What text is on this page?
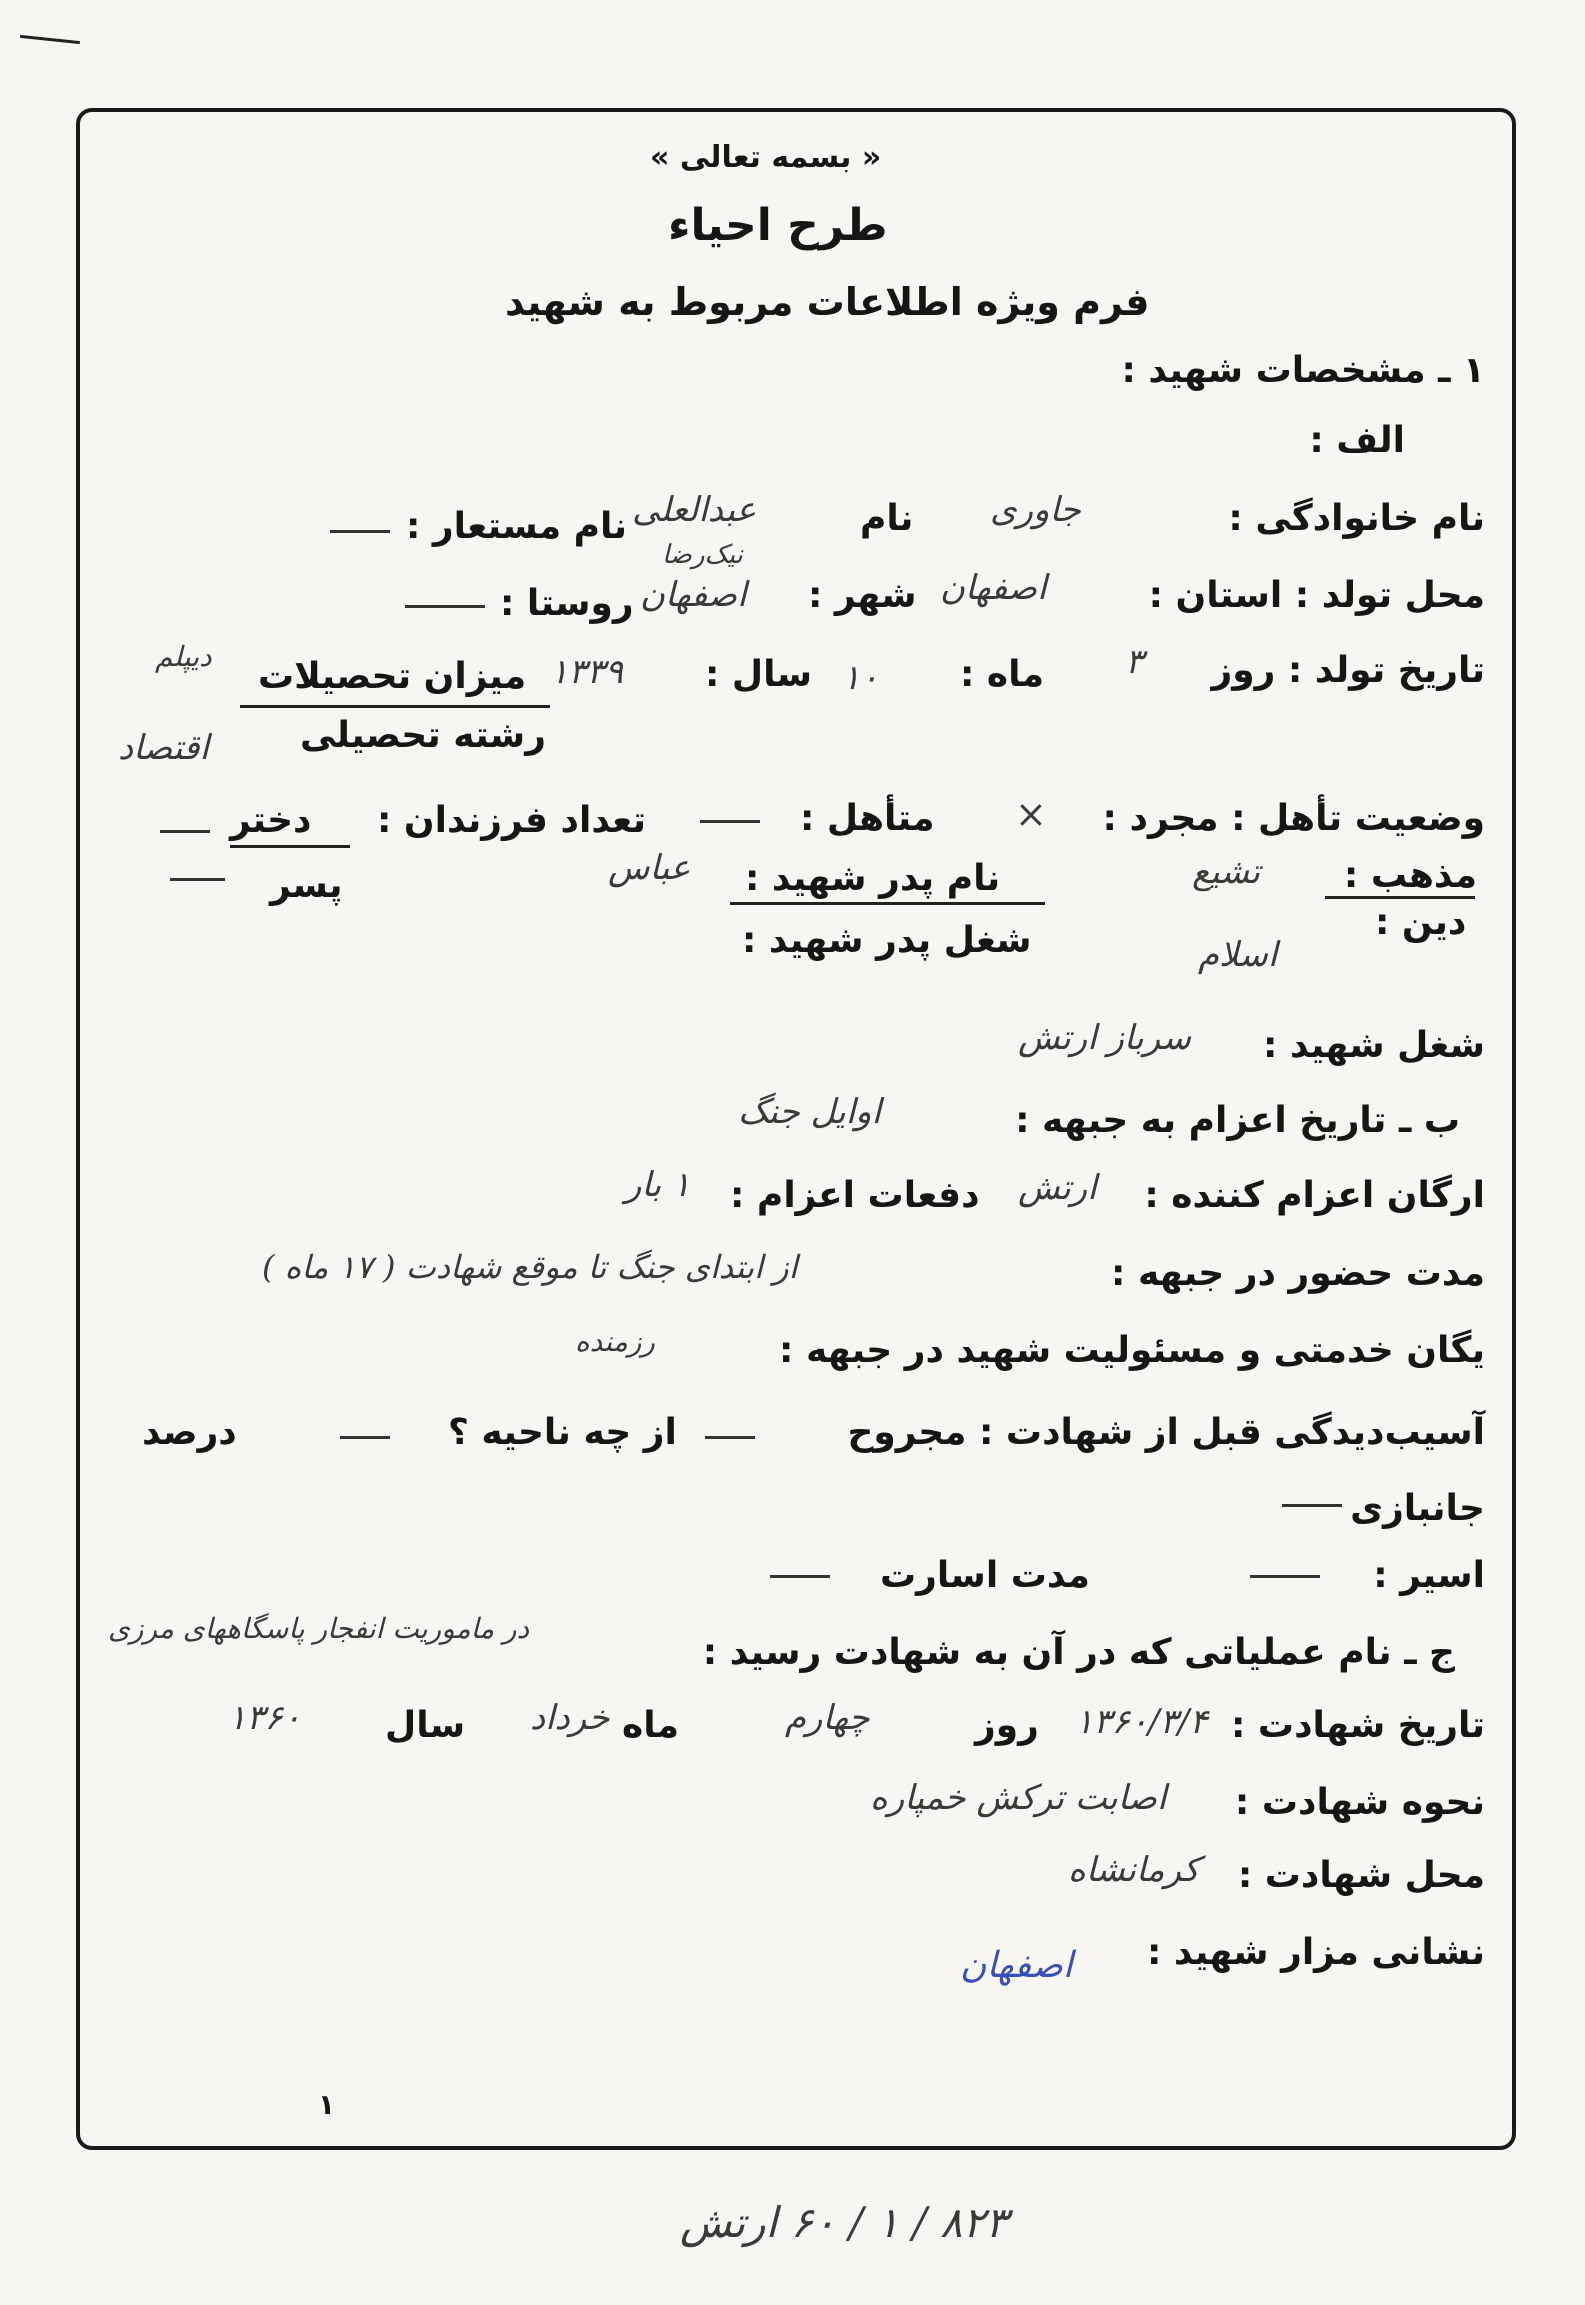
« بسمه تعالی »
طرح احیاء
فرم ویژه اطلاعات مربوط به شهید
۱ ـ مشخصات شهید :
الف :
نام خانوادگی :
جاوری
نام
عبدالعلی
نام مستعار :
محل تولد : استان :
اصفهان
شهر :
اصفهان
نیک‌رضا
روستا :
تاریخ تولد : روز
۳
ماه :
۱۰
سال :
۱۳۳۹
میزان تحصیلات
دیپلم
رشته تحصیلی
اقتصاد
وضعیت تأهل : مجرد :
×
متأهل :
تعداد فرزندان :
دختر
مذهب :
تشیع
دین :
اسلام
نام پدر شهید :
عباس
پسر
شغل پدر شهید :
شغل شهید :
سرباز ارتش
ب ـ تاریخ اعزام به جبهه :
اوایل جنگ
ارگان اعزام کننده :
ارتش
دفعات اعزام :
۱ بار
مدت حضور در جبهه :
از ابتدای جنگ تا موقع شهادت ( ۱۷ ماه )
یگان خدمتی و مسئولیت شهید در جبهه :
رزمنده
آسیب‌دیدگی قبل از شهادت : مجروح
از چه ناحیه ؟
درصد
جانبازی
اسیر :
مدت اسارت
ج ـ نام عملیاتی که در آن به شهادت رسید :
در ماموریت انفجار پاسگاههای مرزی
تاریخ شهادت :
۱۳۶۰/۳/۴
روز
چهارم
ماه
خرداد
سال
۱۳۶۰
نحوه شهادت :
اصابت ترکش خمپاره
محل شهادت :
کرمانشاه
نشانی مزار شهید :
اصفهان
۱
۸۲۳ / ۱ / ۶۰ ارتش
